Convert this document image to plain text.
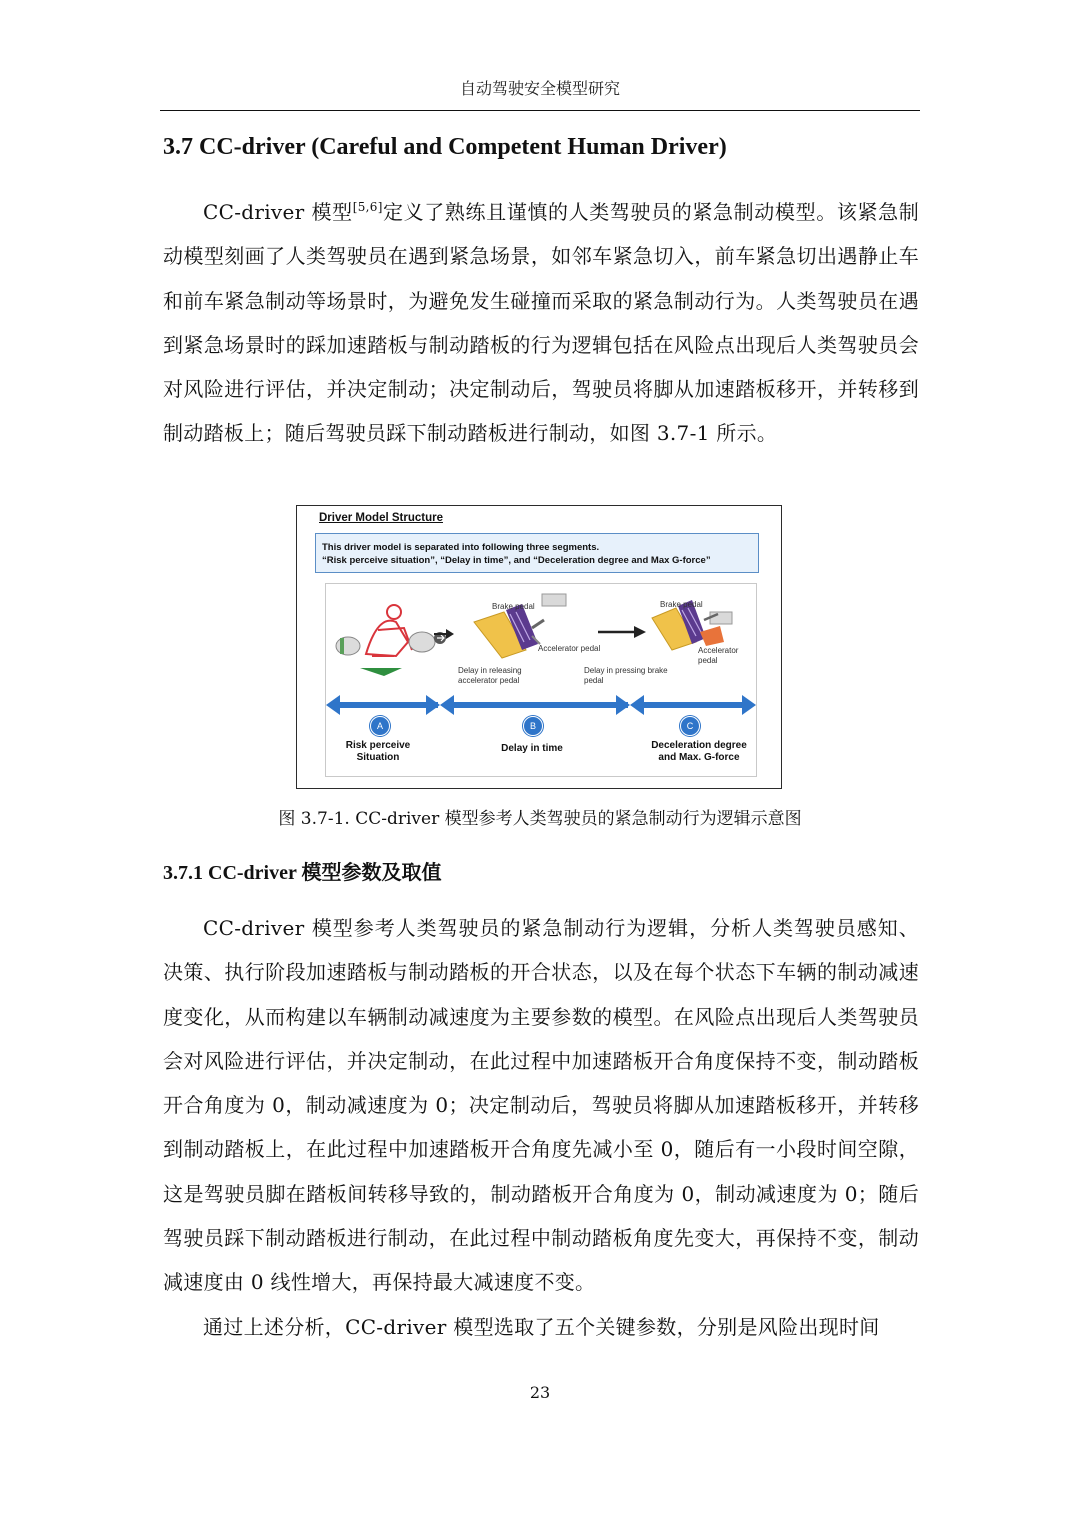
自动驾驶安全模型研究
3.7 CC-driver (Careful and Competent Human Driver)

CC-driver 模型[5,6]定义了熟练且谨慎的人类驾驶员的紧急制动模型。该紧急制动模型刻画了人类驾驶员在遇到紧急场景，如邻车紧急切入，前车紧急切出遇静止车和前车紧急制动等场景时，为避免发生碰撞而采取的紧急制动行为。人类驾驶员在遇到紧急场景时的踩加速踏板与制动踏板的行为逻辑包括在风险点出现后人类驾驶员会对风险进行评估，并决定制动；决定制动后，驾驶员将脚从加速踏板移开，并转移到制动踏板上；随后驾驶员踩下制动踏板进行制动，如图 3.7-1 所示。

Driver Model Structure
This driver model is separated into following three segments.
“Risk perceive situation”, “Delay in time”, and “Deceleration degree and Max G-force”
Brake pedal
Accelerator pedal
Brake pedal
Accelerator pedal
Delay in releasing accelerator pedal
Delay in pressing brake pedal
A	B	C
Risk perceive Situation
Delay in time	Deceleration degree and Max. G-force
图 3.7-1. CC-driver 模型参考人类驾驶员的紧急制动行为逻辑示意图
3.7.1 CC-driver 模型参数及取值

CC-driver 模型参考人类驾驶员的紧急制动行为逻辑，分析人类驾驶员感知、决策、执行阶段加速踏板与制动踏板的开合状态，以及在每个状态下车辆的制动减速度变化，从而构建以车辆制动减速度为主要参数的模型。在风险点出现后人类驾驶员会对风险进行评估，并决定制动，在此过程中加速踏板开合角度保持不变，制动踏板开合角度为 0，制动减速度为 0；决定制动后，驾驶员将脚从加速踏板移开，并转移到制动踏板上，在此过程中加速踏板开合角度先减小至 0，随后有一小段时间空隙，这是驾驶员脚在踏板间转移导致的，制动踏板开合角度为 0，制动减速度为 0；随后驾驶员踩下制动踏板进行制动，在此过程中制动踏板角度先变大，再保持不变，制动减速度由 0 线性增大，再保持最大减速度不变。

通过上述分析，CC-driver 模型选取了五个关键参数，分别是风险出现时间

23
